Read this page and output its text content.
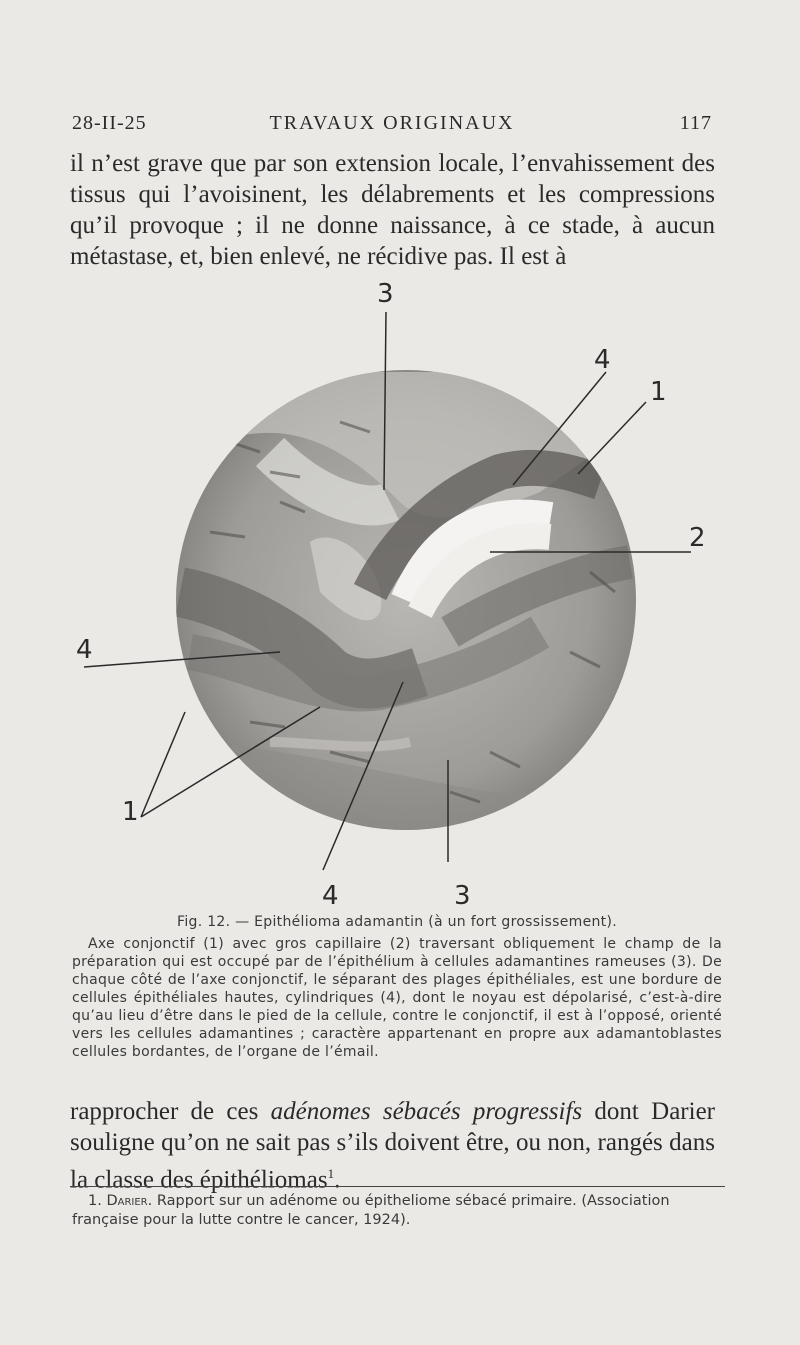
28-II-25	TRAVAUX ORIGINAUX	117

il n’est grave que par son extension locale, l’envahissement des tissus qui l’avoisinent, les délabrements et les compressions qu’il provoque ; il ne donne naissance, à ce stade, à aucun métastase, et, bien enlevé, ne récidive pas. Il est à

3
4
1
2
4
1
4	3

Fig. 12. — Epithélioma adamantin (à un fort grossissement).

Axe conjonctif (1) avec gros capillaire (2) traversant obliquement le champ de la préparation qui est occupé par de l’épithélium à cellules adamantines rameuses (3). De chaque côté de l’axe conjonctif, le séparant des plages épithéliales, est une bordure de cellules épithéliales hautes, cylindriques (4), dont le noyau est dépolarisé, c’est-à-dire qu’au lieu d’être dans le pied de la cellule, contre le conjonctif, il est à l’opposé, orienté vers les cellules adamantines ; caractère appartenant en propre aux adamantoblastes cellules bordantes, de l’organe de l’émail.

rapprocher de ces adénomes sébacés progressifs dont Darier souligne qu’on ne sait pas s’ils doivent être, ou non, rangés dans la classe des épithéliomas$^1$.

1. Darier. Rapport sur un adénome ou épitheliome sébacé primaire. (Association française pour la lutte contre le cancer, 1924).
